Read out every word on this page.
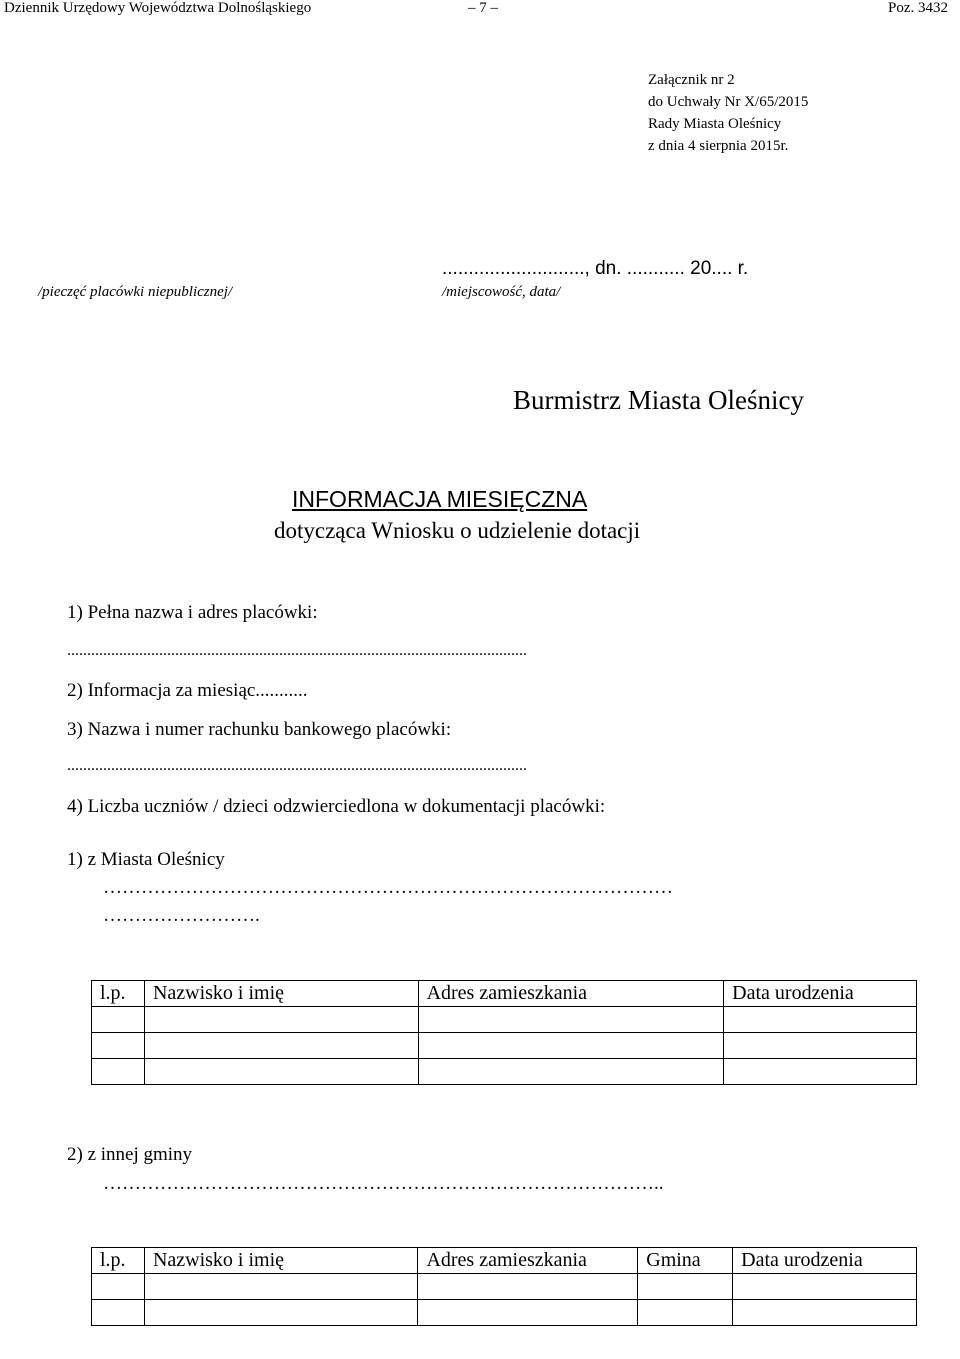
Dziennik Urzędowy Województwa Dolnośląskiego	– 7 –	Poz. 3432
Załącznik nr 2
do Uchwały Nr X/65/2015
Rady Miasta Oleśnicy
z dnia 4 sierpnia 2015r.
..........................., dn. ........... 20.... r.
/pieczęć placówki niepublicznej/	/miejscowość, data/
Burmistrz Miasta Oleśnicy
INFORMACJA MIESIĘCZNA
dotycząca Wniosku o udzielenie dotacji
1) Pełna nazwa i adres placówki:
...................................................................................................................
2) Informacja za miesiąc...........
3) Nazwa i numer rachunku bankowego placówki:
...................................................................................................................
4) Liczba uczniów / dzieci odzwierciedlona w dokumentacji placówki:
1) z Miasta Oleśnicy
………………………………………………………………………………
…………………….
l.p.	Nazwisko i imię	Adres zamieszkania	Data urodzenia

2) z innej gminy
……………………………………………………………………………..
l.p.	Nazwisko i imię	Adres zamieszkania	Gmina	Data urodzenia
